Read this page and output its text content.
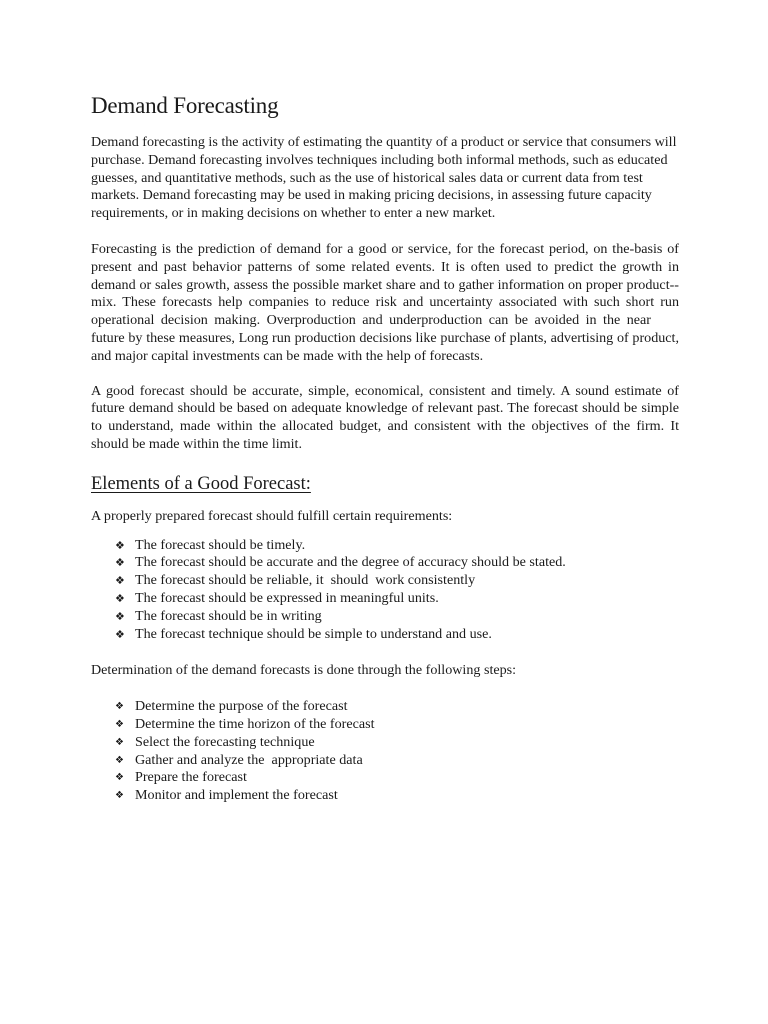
Demand Forecasting

Demand forecasting is the activity of estimating the quantity of a product or service that consumers will purchase. Demand forecasting involves techniques including both informal methods, such as educated guesses, and quantitative methods, such as the use of historical sales data or current data from test markets. Demand forecasting may be used in making pricing decisions, in assessing future capacity requirements, or in making decisions on whether to enter a new market.

Forecasting is the prediction of demand for a good or service, for the forecast period, on the-basis of present and past behavior patterns of some related events. It is often used to predict the growth in demand or sales growth, assess the possible market share and to gather information on proper product--mix. These forecasts help companies to reduce risk and uncertainty associated with such short run operational decision making. Overproduction and underproduction can be avoided in the nearfuture by these measures, Long run production decisions like purchase of plants, advertising of product, and major capital investments can be made with the help of forecasts.

A good forecast should be accurate, simple, economical, consistent and timely. A sound estimate of future demand should be based on adequate knowledge of relevant past. The forecast should be simple to understand, made within the allocated budget, and consistent with the objectives of the firm. It should be made within the time limit.

Elements of a Good Forecast:

A properly prepared forecast should fulfill certain requirements:

❖ The forecast should be timely.
❖ The forecast should be accurate and the degree of accuracy should be stated.
❖ The forecast should be reliable, it  should  work consistently
❖ The forecast should be expressed in meaningful units.
❖ The forecast should be in writing
❖ The forecast technique should be simple to understand and use.

Determination of the demand forecasts is done through the following steps:

❖ Determine the purpose of the forecast
❖ Determine the time horizon of the forecast
❖ Select the forecasting technique
❖ Gather and analyze the  appropriate data
❖ Prepare the forecast
❖ Monitor and implement the forecast
